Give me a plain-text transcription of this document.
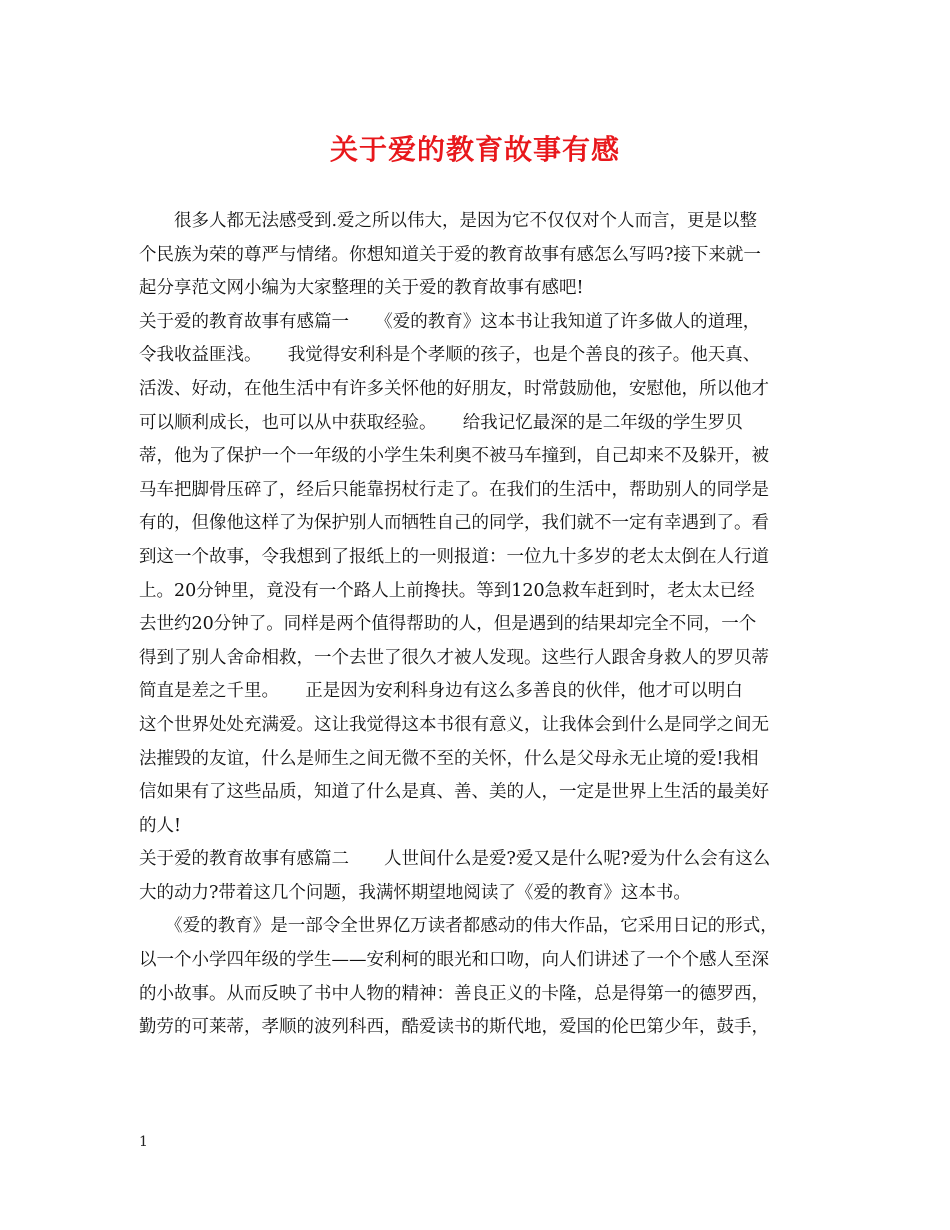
关于爱的教育故事有感
　　很多人都无法感受到.爱之所以伟大，是因为它不仅仅对个人而言，更是以整
个民族为荣的尊严与情绪。你想知道关于爱的教育故事有感怎么写吗?接下来就一
起分享范文网小编为大家整理的关于爱的教育故事有感吧!
关于爱的教育故事有感篇一　　《爱的教育》这本书让我知道了许多做人的道理，
令我收益匪浅。　　我觉得安利科是个孝顺的孩子，也是个善良的孩子。他天真、
活泼、好动，在他生活中有许多关怀他的好朋友，时常鼓励他，安慰他，所以他才
可以顺利成长，也可以从中获取经验。　　给我记忆最深的是二年级的学生罗贝
蒂，他为了保护一个一年级的小学生朱利奥不被马车撞到，自己却来不及躲开，被
马车把脚骨压碎了，经后只能靠拐杖行走了。在我们的生活中，帮助别人的同学是
有的，但像他这样了为保护别人而牺牲自己的同学，我们就不一定有幸遇到了。看
到这一个故事，令我想到了报纸上的一则报道：一位九十多岁的老太太倒在人行道
上。20分钟里，竟没有一个路人上前搀扶。等到120急救车赶到时，老太太已经
去世约20分钟了。同样是两个值得帮助的人，但是遇到的结果却完全不同，一个
得到了别人舍命相救，一个去世了很久才被人发现。这些行人跟舍身救人的罗贝蒂
简直是差之千里。　　正是因为安利科身边有这么多善良的伙伴，他才可以明白
这个世界处处充满爱。这让我觉得这本书很有意义，让我体会到什么是同学之间无
法摧毁的友谊，什么是师生之间无微不至的关怀，什么是父母永无止境的爱!我相
信如果有了这些品质，知道了什么是真、善、美的人，一定是世界上生活的最美好
的人!
关于爱的教育故事有感篇二　　人世间什么是爱?爱又是什么呢?爱为什么会有这么
大的动力?带着这几个问题，我满怀期望地阅读了《爱的教育》这本书。
　　《爱的教育》是一部令全世界亿万读者都感动的伟大作品，它采用日记的形式，
以一个小学四年级的学生——安利柯的眼光和口吻，向人们讲述了一个个感人至深
的小故事。从而反映了书中人物的精神：善良正义的卡隆，总是得第一的德罗西，
勤劳的可莱蒂，孝顺的波列科西，酷爱读书的斯代地，爱国的伦巴第少年，鼓手，
1
